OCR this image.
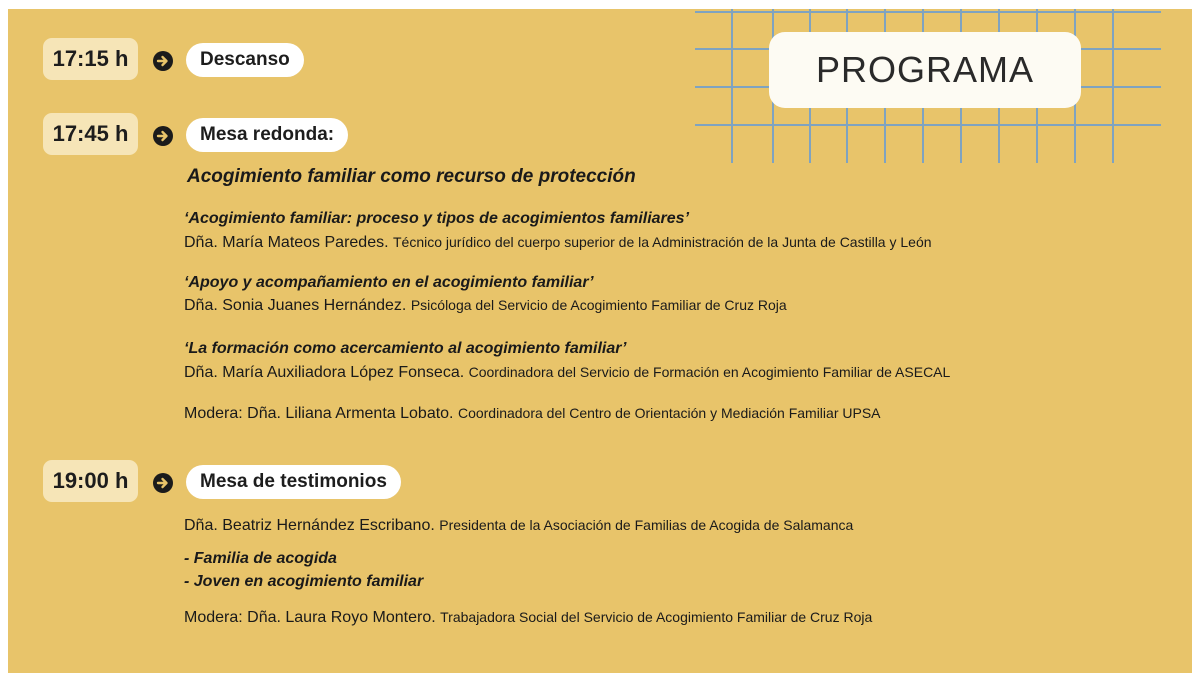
PROGRAMA
17:15 h	Descanso
17:45 h	Mesa redonda:
Acogimiento familiar como recurso de protección
‘Acogimiento familiar: proceso y tipos de acogimientos familiares’
Dña. María Mateos Paredes. Técnico jurídico del cuerpo superior de la Administración de la Junta de Castilla y León
‘Apoyo y acompañamiento en el acogimiento familiar’
Dña. Sonia Juanes Hernández. Psicóloga del Servicio de Acogimiento Familiar de Cruz Roja
‘La formación como acercamiento al acogimiento familiar’
Dña. María Auxiliadora López Fonseca. Coordinadora del Servicio de Formación en Acogimiento Familiar de ASECAL
Modera: Dña. Liliana Armenta Lobato. Coordinadora del Centro de Orientación y Mediación Familiar UPSA
19:00 h	Mesa de testimonios
Dña. Beatriz Hernández Escribano. Presidenta de la Asociación de Familias de Acogida de Salamanca
- Familia de acogida
- Joven en acogimiento familiar
Modera: Dña. Laura Royo Montero. Trabajadora Social del Servicio de Acogimiento Familiar de Cruz Roja
